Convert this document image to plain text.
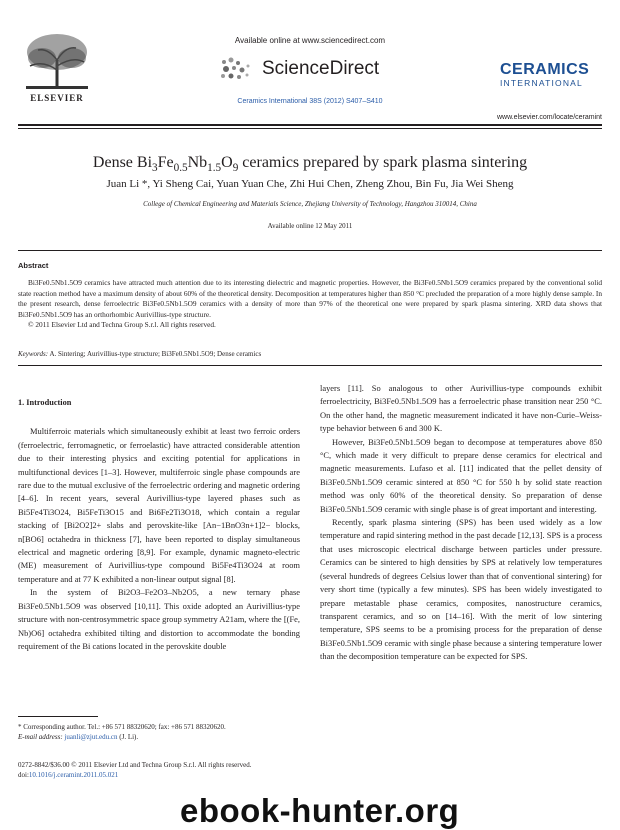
ELSEVIER
Available online at www.sciencedirect.com
ScienceDirect
Ceramics International 38S (2012) S407–S410
CERAMICS
INTERNATIONAL
www.elsevier.com/locate/ceramint
Dense $Bi_3Fe_{0.5}Nb_{1.5}O_9$ ceramics prepared by spark plasma sintering
Juan Li *, Yi Sheng Cai, Yuan Yuan Che, Zhi Hui Chen, Zheng Zhou, Bin Fu, Jia Wei Sheng
College of Chemical Engineering and Materials Science, Zhejiang University of Technology, Hangzhou 310014, China
Available online 12 May 2011
Abstract

Bi3Fe0.5Nb1.5O9 ceramics have attracted much attention due to its interesting dielectric and magnetic properties. However, the Bi3Fe0.5Nb1.5O9 ceramics prepared by the conventional solid state reaction method have a maximum density of about 60% of the theoretical density. Decomposition at temperatures higher than 850 °C precluded the preparation of a more highly dense sample. In the present research, dense ferroelectric Bi3Fe0.5Nb1.5O9 ceramics with a density of more than 97% of the theoretical one were prepared by spark plasma sintering. XRD data shows that Bi3Fe0.5Nb1.5O9 has an orthorhombic Aurivillius-type structure.

© 2011 Elsevier Ltd and Techna Group S.r.l. All rights reserved.

Keywords: A. Sintering; Aurivillius-type structure; Bi3Fe0.5Nb1.5O9; Dense ceramics
1. Introduction

Multiferroic materials which simultaneously exhibit at least two ferroic orders (ferroelectric, ferromagnetic, or ferroelastic) have attracted considerable attention due to their interesting physics and exciting potential for applications in multifunctional devices [1–3]. However, multiferroic single phase compounds are rare due to the mutual exclusive of the ferroelectric ordering and magnetic ordering [4–6]. In recent years, several Aurivillius-type layered phases such as Bi5Fe4Ti3O24, Bi5FeTi3O15 and Bi6Fe2Ti3O18, which contain a regular stacking of [Bi2O2]2+ slabs and perovskite-like [An−1BnO3n+1]2− blocks, n[BO6] octahedra in thickness [7], have been reported to display simultaneous electrical and magnetic ordering [8,9]. For example, dynamic magneto-electric (ME) measurement of Aurivillius-type compound Bi5Fe4Ti3O24 at room temperature and at 77 K exhibited a non-linear output signal [8].

In the system of Bi2O3–Fe2O3–Nb2O5, a new ternary phase Bi3Fe0.5Nb1.5O9 was observed [10,11]. This oxide adopted an Aurivillius-type structure with non-centrosymmetric space group symmetry A21am, where the [(Fe, Nb)O6] octahedra exhibited tilting and distortion to accommodate the bonding requirement of the Bi cations located in the perovskite double

layers [11]. So analogous to other Aurivillius-type compounds exhibit ferroelectricity, Bi3Fe0.5Nb1.5O9 has a ferroelectric phase transition near 250 °C. On the other hand, the magnetic measurement indicated it have non-Curie–Weiss-type behavior between 6 and 300 K.

However, Bi3Fe0.5Nb1.5O9 began to decompose at temperatures above 850 °C, which made it very difficult to prepare dense ceramics for electrical and magnetic measurements. Lufaso et al. [11] indicated that the pellet density of Bi3Fe0.5Nb1.5O9 ceramic sintered at 850 °C for 550 h by solid state reaction method was only 60% of the theoretical density. So preparation of dense Bi3Fe0.5Nb1.5O9 ceramic with single phase is of great important and interesting.

Recently, spark plasma sintering (SPS) has been used widely as a low temperature and rapid sintering method in the past decade [12,13]. SPS is a process that uses microscopic electrical discharge between particles under pressure. Ceramics can be sintered to high densities by SPS at relatively low temperatures (several hundreds of degrees Celsius lower than that of conventional sintering) for very short time (typically a few minutes). SPS has been widely investigated to prepare metastable phase ceramics, composites, nanostructure ceramics, transparent ceramics, and so on [14–16]. With the merit of low sintering temperature, SPS seems to be a promising process for the preparation of dense Bi3Fe0.5Nb1.5O9 ceramic with single phase because a sintering temperature lower than the decomposition temperature can be expected for SPS.

* Corresponding author. Tel.: +86 571 88320620; fax: +86 571 88320620.
E-mail address: juanli@zjut.edu.cn (J. Li).
0272-8842/$36.00 © 2011 Elsevier Ltd and Techna Group S.r.l. All rights reserved.
doi:10.1016/j.ceramint.2011.05.021
ebook-hunter.org
